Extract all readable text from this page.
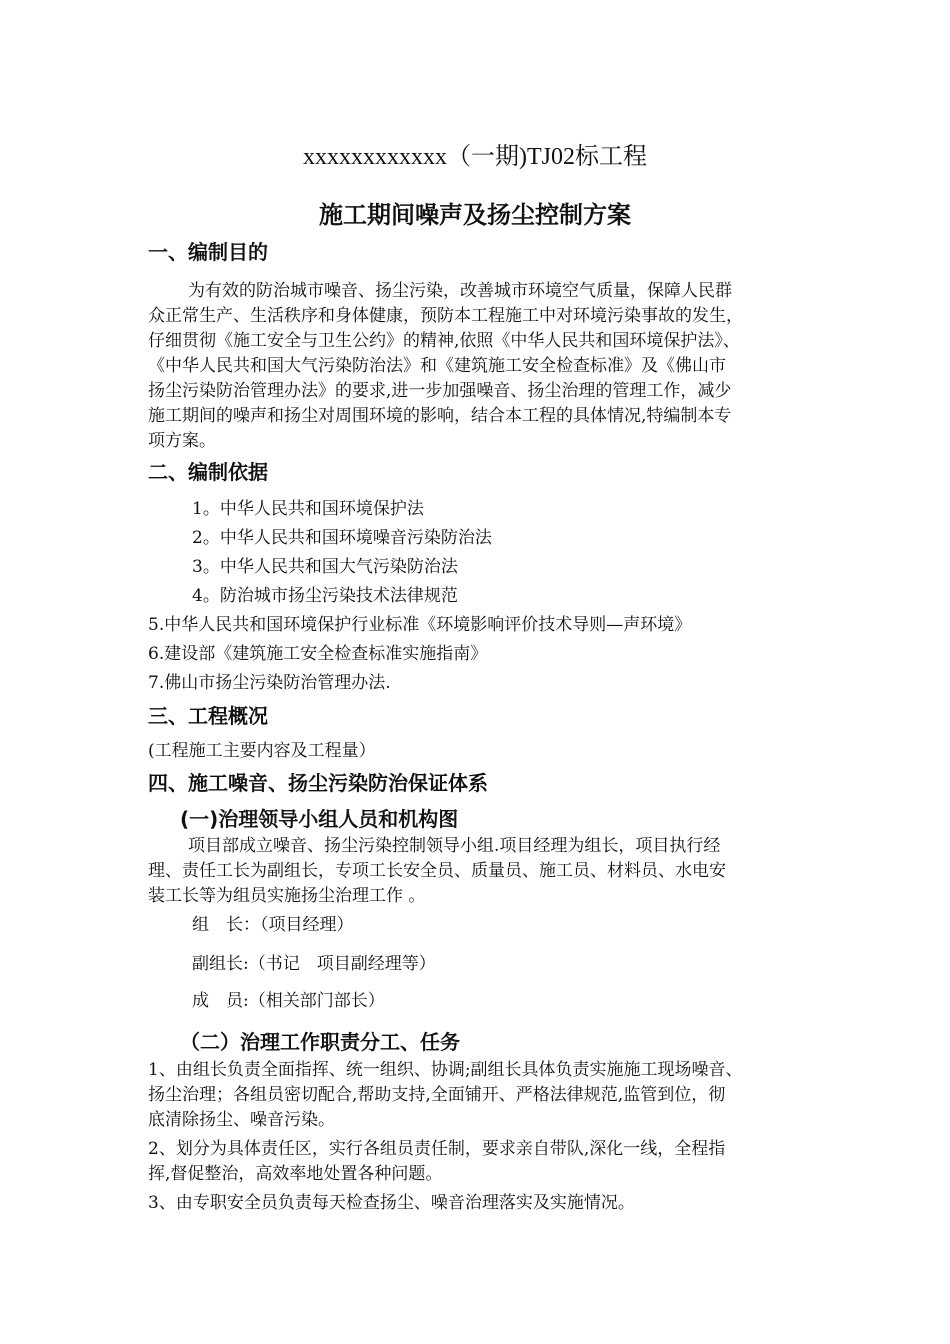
xxxxxxxxxxxx（一期)TJ02标工程
施工期间噪声及扬尘控制方案
一、编制目的
为有效的防治城市噪音、扬尘污染，改善城市环境空气质量，保障人民群
众正常生产、生活秩序和身体健康，预防本工程施工中对环境污染事故的发生，
仔细贯彻《施工安全与卫生公约》的精神,依照《中华人民共和国环境保护法》、
《中华人民共和国大气污染防治法》和《建筑施工安全检查标准》及《佛山市
扬尘污染防治管理办法》的要求,进一步加强噪音、扬尘治理的管理工作，减少
施工期间的噪声和扬尘对周围环境的影响，结合本工程的具体情况,特编制本专
项方案。
二、编制依据
1。中华人民共和国环境保护法
2。中华人民共和国环境噪音污染防治法
3。中华人民共和国大气污染防治法
4。防治城市扬尘污染技术法律规范
5.中华人民共和国环境保护行业标准《环境影响评价技术导则—声环境》
6.建设部《建筑施工安全检查标准实施指南》
7.佛山市扬尘污染防治管理办法.
三、工程概况
(工程施工主要内容及工程量）
四、施工噪音、扬尘污染防治保证体系
(一)治理领导小组人员和机构图
项目部成立噪音、扬尘污染控制领导小组.项目经理为组长，项目执行经
理、责任工长为副组长，专项工长安全员、质量员、施工员、材料员、水电安
装工长等为组员实施扬尘治理工作 。
组　长：（项目经理）
副组长:（书记　项目副经理等）
成　员:（相关部门部长）
（二）治理工作职责分工、任务
1、由组长负责全面指挥、统一组织、协调;副组长具体负责实施施工现场噪音、
扬尘治理；各组员密切配合,帮助支持,全面铺开、严格法律规范,监管到位，彻
底清除扬尘、噪音污染。
2、划分为具体责任区，实行各组员责任制，要求亲自带队,深化一线，全程指
挥,督促整治，高效率地处置各种问题。
3、由专职安全员负责每天检查扬尘、噪音治理落实及实施情况。
